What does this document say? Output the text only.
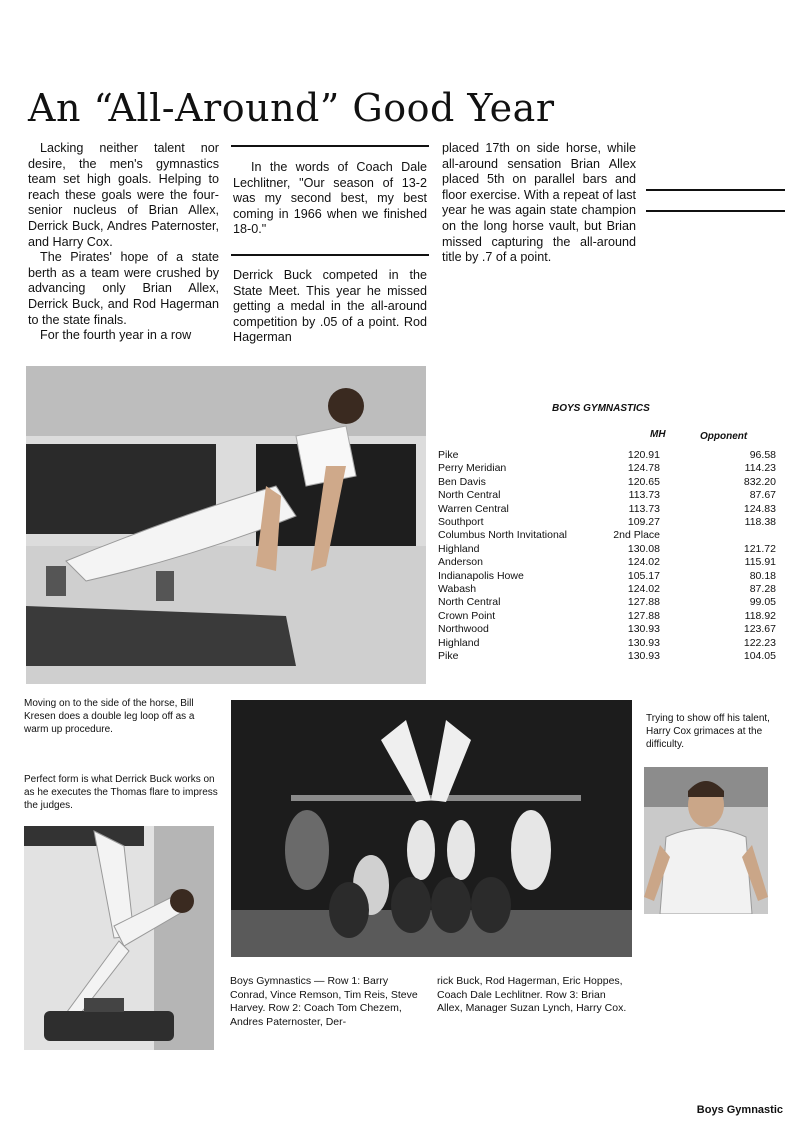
An “All-Around” Good Year

Lacking neither talent nor desire, the men's gymnastics team set high goals. Helping to reach these goals were the four-senior nucleus of Brian Allex, Derrick Buck, Andres Paternoster, and Harry Cox.

The Pirates' hope of a state berth as a team were crushed by advancing only Brian Allex, Derrick Buck, and Rod Hagerman to the state finals.

For the fourth year in a row

In the words of Coach Dale Lechlitner, "Our season of 13-2 was my second best, my best coming in 1966 when we finished 18-0."

Derrick Buck competed in the State Meet. This year he missed getting a medal in the all-around competition by .05 of a point. Rod Hagerman

placed 17th on side horse, while all-around sensation Brian Allex placed 5th on parallel bars and floor exercise. With a repeat of last year he was again state champion on the long horse vault, but Brian missed capturing the all-around title by .7 of a point.

BOYS GYMNASTICS
MH	Opponent
Pike	120.91	96.58
Perry Meridian	124.78	114.23
Ben Davis	120.65	832.20
North Central	113.73	87.67
Warren Central	113.73	124.83
Southport	109.27	118.38
Columbus North Invitational	2nd Place
Highland	130.08	121.72
Anderson	124.02	115.91
Indianapolis Howe	105.17	80.18
Wabash	124.02	87.28
North Central	127.88	99.05
Crown Point	127.88	118.92
Northwood	130.93	123.67
Highland	130.93	122.23
Pike	130.93	104.05
Moving on to the side of the horse, Bill Kresen does a double leg loop off as a warm up procedure.
Perfect form is what Derrick Buck works on as he executes the Thomas flare to impress the judges.
Boys Gymnastics — Row 1: Barry Conrad, Vince Remson, Tim Reis, Steve Harvey. Row 2: Coach Tom Chezem, Andres Paternoster, Der-
rick Buck, Rod Hagerman, Eric Hoppes, Coach Dale Lechlitner. Row 3: Brian Allex, Manager Suzan Lynch, Harry Cox.
Trying to show off his talent, Harry Cox grimaces at the difficulty.
Boys Gymnastic
